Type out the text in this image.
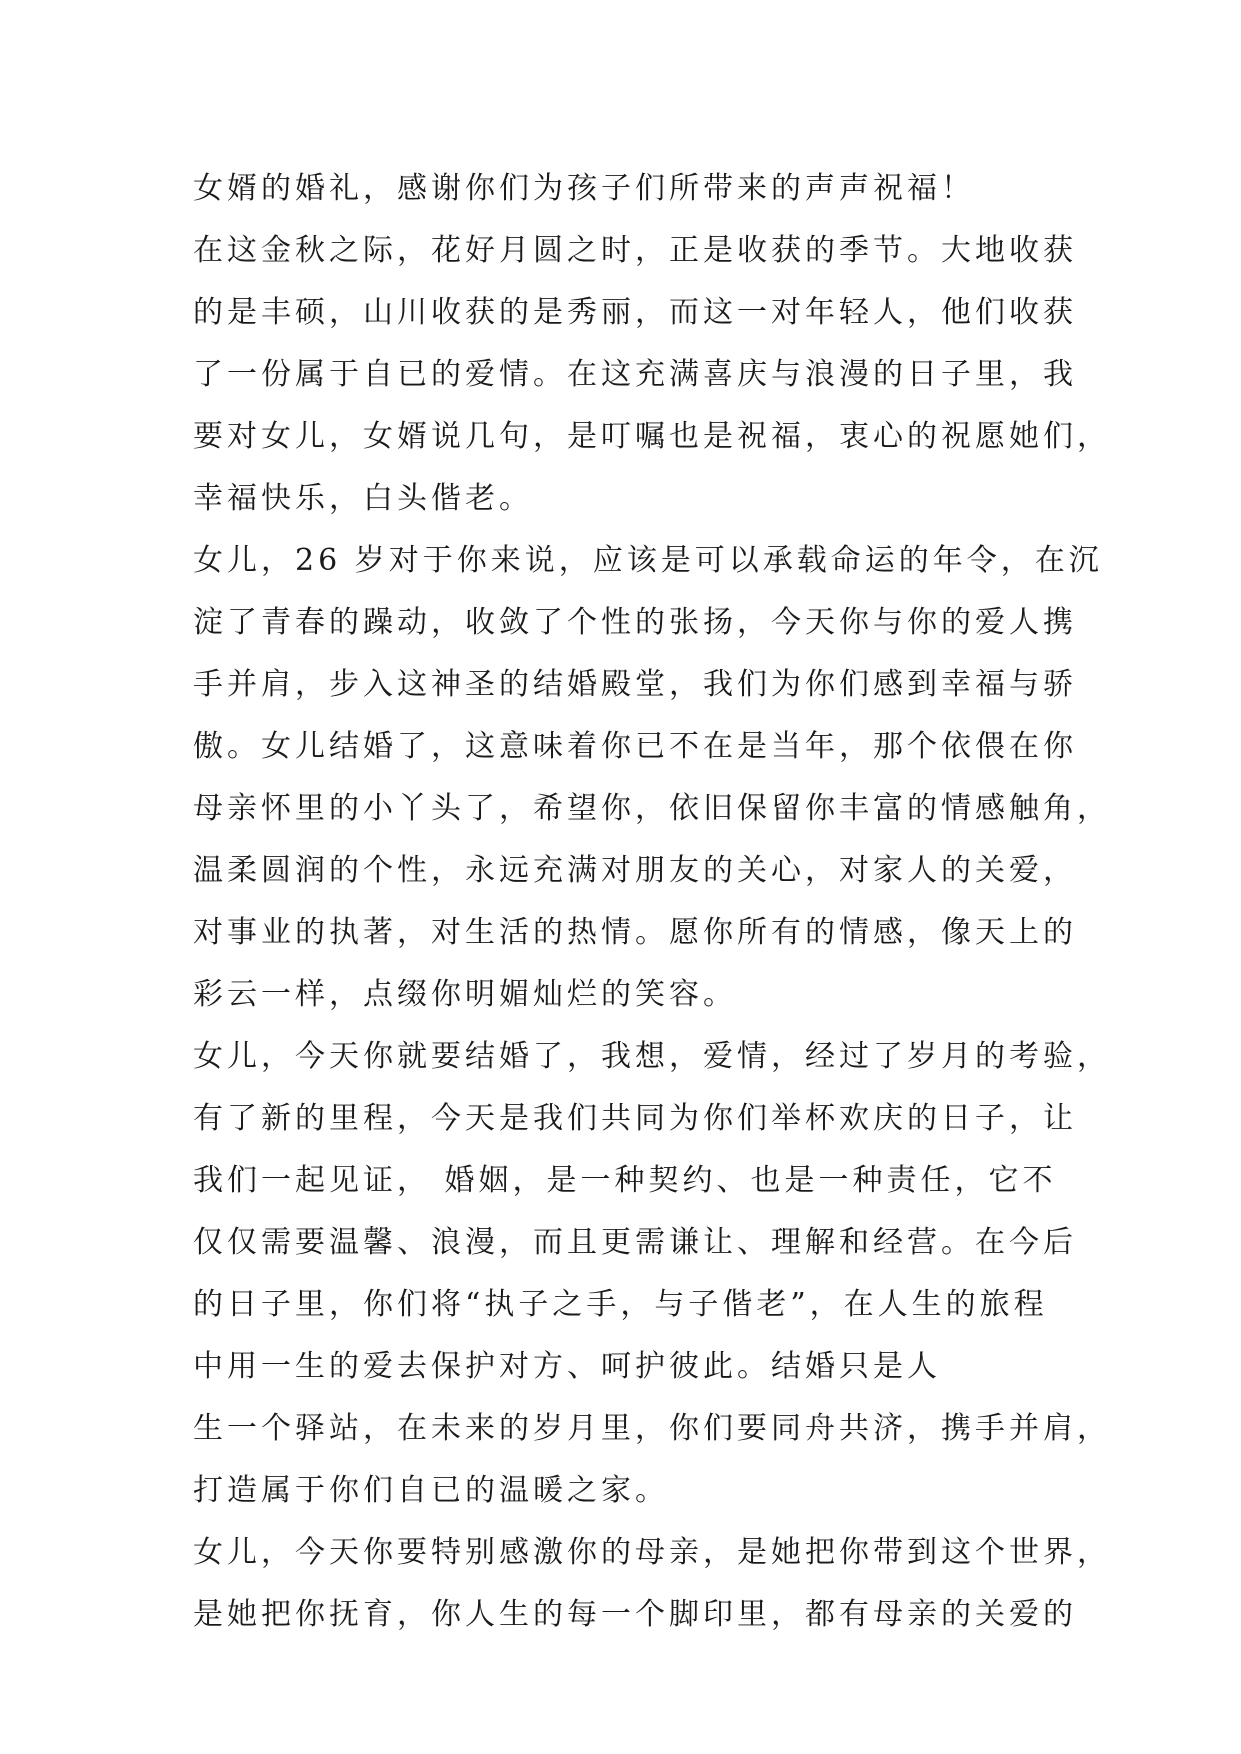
女婿的婚礼，感谢你们为孩子们所带来的声声祝福！
在这金秋之际，花好月圆之时，正是收获的季节。大地收获
的是丰硕，山川收获的是秀丽，而这一对年轻人，他们收获
了一份属于自已的爱情。在这充满喜庆与浪漫的日子里，我
要对女儿，女婿说几句，是叮嘱也是祝福，衷心的祝愿她们，
幸福快乐，白头偕老。
女儿，26 岁对于你来说，应该是可以承载命运的年令，在沉
淀了青春的躁动，收敛了个性的张扬，今天你与你的爱人携
手并肩，步入这神圣的结婚殿堂，我们为你们感到幸福与骄
傲。女儿结婚了，这意味着你已不在是当年，那个依偎在你
母亲怀里的小丫头了，希望你，依旧保留你丰富的情感触角，
温柔圆润的个性，永远充满对朋友的关心，对家人的关爱，
对事业的执著，对生活的热情。愿你所有的情感，像天上的
彩云一样，点缀你明媚灿烂的笑容。
女儿，今天你就要结婚了，我想，爱情，经过了岁月的考验，
有了新的里程，今天是我们共同为你们举杯欢庆的日子，让
我们一起见证， 婚姻，是一种契约、也是一种责任，它不
仅仅需要温馨、浪漫，而且更需谦让、理解和经营。在今后
的日子里，你们将“执子之手，与子偕老”，在人生的旅程
中用一生的爱去保护对方、呵护彼此。结婚只是人
生一个驿站，在未来的岁月里，你们要同舟共济，携手并肩，
打造属于你们自已的温暖之家。
女儿，今天你要特别感激你的母亲，是她把你带到这个世界，
是她把你抚育，你人生的每一个脚印里，都有母亲的关爱的
